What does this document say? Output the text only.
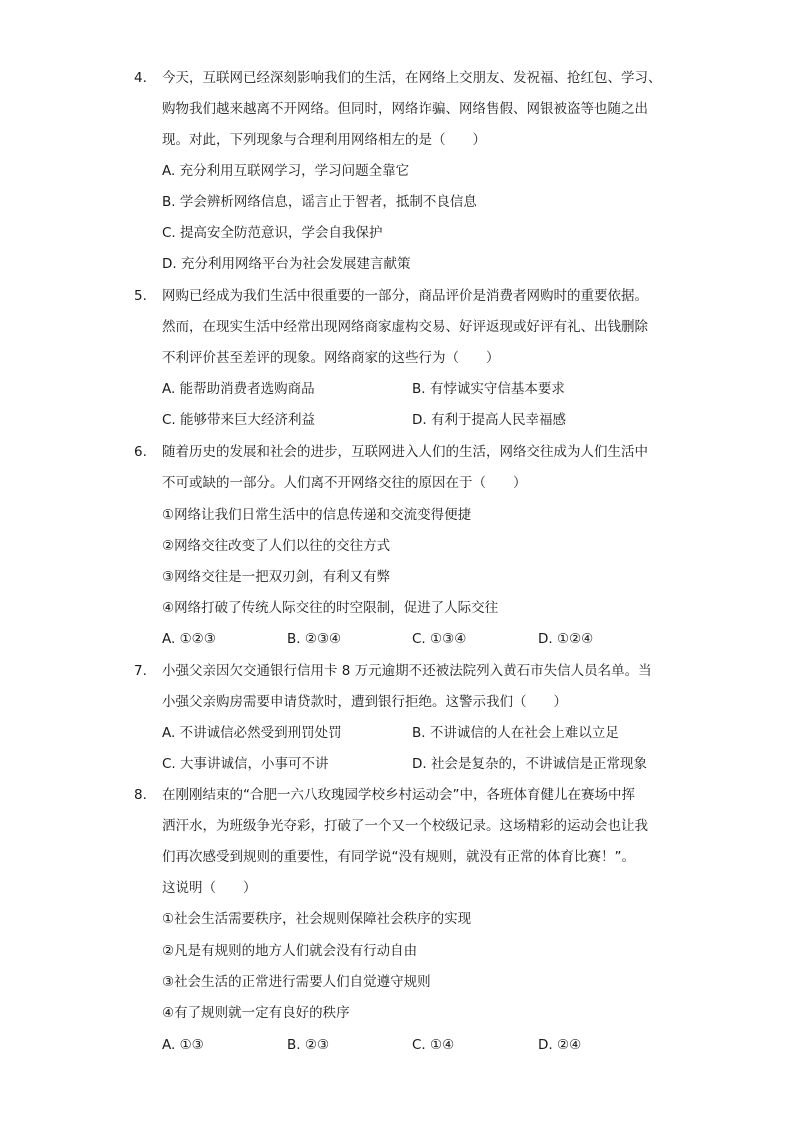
4. 今天，互联网已经深刻影响我们的生活，在网络上交朋友、发祝福、抢红包、学习、
购物我们越来越离不开网络。但同时，网络诈骗、网络售假、网银被盗等也随之出
现。对此，下列现象与合理利用网络相左的是（　　）
A. 充分利用互联网学习，学习问题全靠它
B. 学会辨析网络信息，谣言止于智者，抵制不良信息
C. 提高安全防范意识，学会自我保护
D. 充分利用网络平台为社会发展建言献策
5. 网购已经成为我们生活中很重要的一部分，商品评价是消费者网购时的重要依据。
然而，在现实生活中经常出现网络商家虚构交易、好评返现或好评有礼、出钱删除
不利评价甚至差评的现象。网络商家的这些行为（　　）
A. 能帮助消费者选购商品	B. 有悖诚实守信基本要求
C. 能够带来巨大经济利益	D. 有利于提高人民幸福感
6. 随着历史的发展和社会的进步，互联网进入人们的生活，网络交往成为人们生活中
不可或缺的一部分。人们离不开网络交往的原因在于（　　）
①网络让我们日常生活中的信息传递和交流变得便捷
②网络交往改变了人们以往的交往方式
③网络交往是一把双刃剑，有利又有弊
④网络打破了传统人际交往的时空限制，促进了人际交往
A. ①②③	B. ②③④	C. ①③④	D. ①②④
7. 小强父亲因欠交通银行信用卡 8 万元逾期不还被法院列入黄石市失信人员名单。当
小强父亲购房需要申请贷款时，遭到银行拒绝。这警示我们（　　）
A. 不讲诚信必然受到刑罚处罚	B. 不讲诚信的人在社会上难以立足
C. 大事讲诚信，小事可不讲	D. 社会是复杂的，不讲诚信是正常现象
8. 在刚刚结束的“合肥一六八玫瑰园学校乡村运动会”中，各班体育健儿在赛场中挥
洒汗水，为班级争光夺彩，打破了一个又一个校级记录。这场精彩的运动会也让我
们再次感受到规则的重要性，有同学说“没有规则，就没有正常的体育比赛！”。
这说明（　　）
①社会生活需要秩序，社会规则保障社会秩序的实现
②凡是有规则的地方人们就会没有行动自由
③社会生活的正常进行需要人们自觉遵守规则
④有了规则就一定有良好的秩序
A. ①③	B. ②③	C. ①④	D. ②④
